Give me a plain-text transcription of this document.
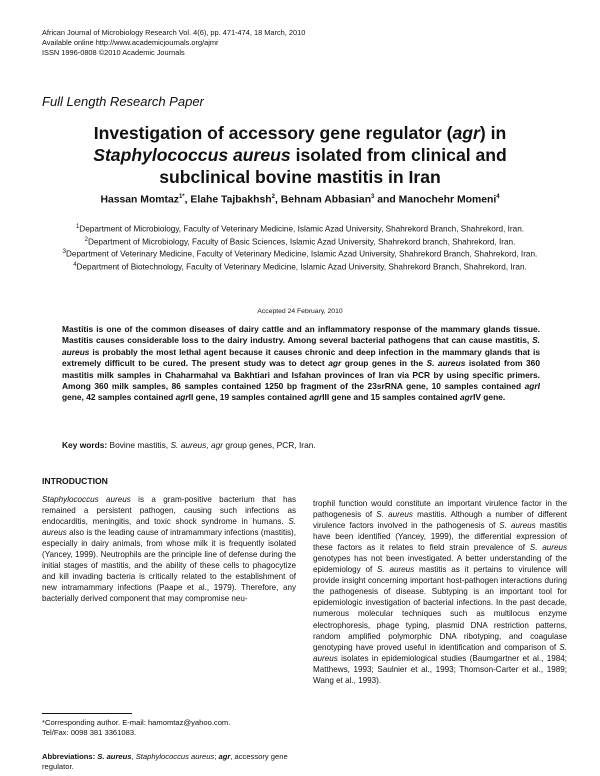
African Journal of Microbiology Research Vol. 4(6), pp. 471-474, 18 March, 2010
Available online http://www.academicjournals.org/ajmr
ISSN 1996-0808 ©2010 Academic Journals
Full Length Research Paper
Investigation of accessory gene regulator (agr) in
Staphylococcus aureus isolated from clinical and
subclinical bovine mastitis in Iran
Hassan Momtaz$^{1*}$, Elahe Tajbakhsh$^2$, Behnam Abbasian$^3$ and Manochehr Momeni$^4$
$^1$Department of Microbiology, Faculty of Veterinary Medicine, Islamic Azad University, Shahrekord Branch, Shahrekord, Iran.
$^2$Department of Microbiology, Faculty of Basic Sciences, Islamic Azad University, Shahrekord branch, Shahrekord, Iran.
$^3$Department of Veterinary Medicine, Faculty of Veterinary Medicine, Islamic Azad University, Shahrekord Branch, Shahrekord, Iran.
$^4$Department of Biotechnology, Faculty of Veterinary Medicine, Islamic Azad University, Shahrekord Branch, Shahrekord, Iran.
Accepted 24 February, 2010
Mastitis is one of the common diseases of dairy cattle and an inflammatory response of the mammary glands tissue. Mastitis causes considerable loss to the dairy industry. Among several bacterial pathogens that can cause mastitis, S. aureus is probably the most lethal agent because it causes chronic and deep infection in the mammary glands that is extremely difficult to be cured. The present study was to detect agr group genes in the S. aureus isolated from 360 mastitis milk samples in Chaharmahal va Bakhtiari and Isfahan provinces of Iran via PCR by using specific primers. Among 360 milk samples, 86 samples contained 1250 bp fragment of the 23srRNA gene, 10 samples contained agrI gene, 42 samples contained agrII gene, 19 samples contained agrIII gene and 15 samples contained agrIV gene.
Key words: Bovine mastitis, S. aureus, agr group genes, PCR, Iran.
INTRODUCTION
Staphylococcus aureus is a gram-positive bacterium that has remained a persistent pathogen, causing such infections as endocarditis, meningitis, and toxic shock syndrome in humans. S. aureus also is the leading cause of intramammary infections (mastitis), especially in dairy animals, from whose milk it is frequently isolated (Yancey, 1999). Neutrophils are the principle line of defense during the initial stages of mastitis, and the ability of these cells to phagocytize and kill invading bacteria is critically related to the establishment of new intramammary infections (Paape et al., 1979). Therefore, any bacterially derived component that may compromise neu-
trophil function would constitute an important virulence factor in the pathogenesis of S. aureus mastitis. Although a number of different virulence factors involved in the pathogenesis of S. aureus mastitis have been identified (Yancey, 1999), the differential expression of these factors as it relates to field strain prevalence of S. aureus genotypes has not been investigated. A better understanding of the epidemiology of S. aureus mastitis as it pertains to virulence will provide insight concerning important host-pathogen interactions during the pathogenesis of disease. Subtyping is an important tool for epidemiologic investigation of bacterial infections. In the past decade, numerous molecular techniques such as multilocus enzyme electrophoresis, phage typing, plasmid DNA restriction patterns, random amplified polymorphic DNA ribotyping, and coagulase genotyping have proved useful in identification and comparison of S. aureus isolates in epidemiological studies (Baumgartner et al., 1984; Matthews, 1993; Saulnier et al., 1993; Thomson-Carter et al., 1989; Wang et al., 1993).
*Corresponding author. E-mail: hamomtaz@yahoo.com.
Tel/Fax: 0098 381 3361083.
Abbreviations: S. aureus, Staphylococcus aureus; agr, accessory gene regulator.
